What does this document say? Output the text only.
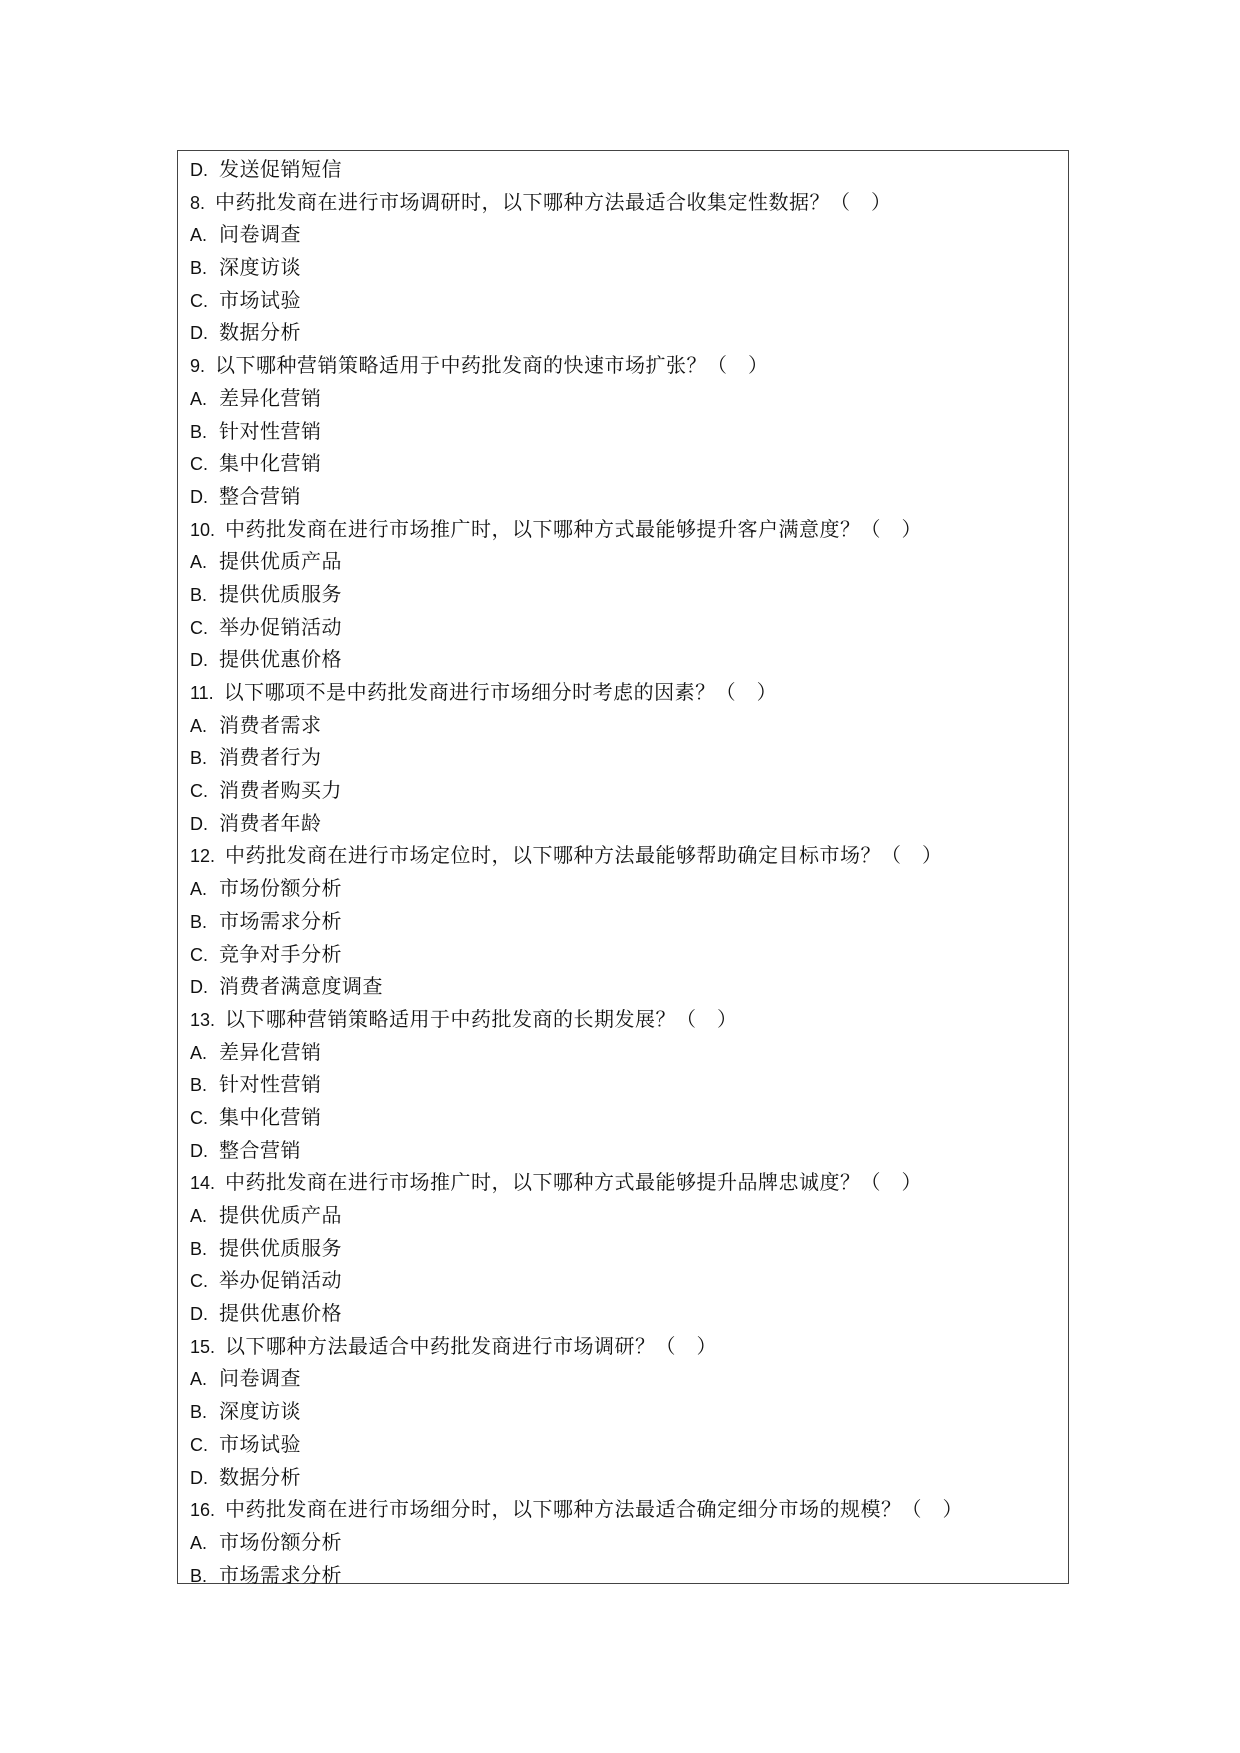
D. 发送促销短信
8. 中药批发商在进行市场调研时，以下哪种方法最适合收集定性数据？（　）
A. 问卷调查
B. 深度访谈
C. 市场试验
D. 数据分析
9. 以下哪种营销策略适用于中药批发商的快速市场扩张？（　）
A. 差异化营销
B. 针对性营销
C. 集中化营销
D. 整合营销
10. 中药批发商在进行市场推广时，以下哪种方式最能够提升客户满意度？（　）
A. 提供优质产品
B. 提供优质服务
C. 举办促销活动
D. 提供优惠价格
11. 以下哪项不是中药批发商进行市场细分时考虑的因素？（　）
A. 消费者需求
B. 消费者行为
C. 消费者购买力
D. 消费者年龄
12. 中药批发商在进行市场定位时，以下哪种方法最能够帮助确定目标市场？（　）
A. 市场份额分析
B. 市场需求分析
C. 竞争对手分析
D. 消费者满意度调查
13. 以下哪种营销策略适用于中药批发商的长期发展？（　）
A. 差异化营销
B. 针对性营销
C. 集中化营销
D. 整合营销
14. 中药批发商在进行市场推广时，以下哪种方式最能够提升品牌忠诚度？（　）
A. 提供优质产品
B. 提供优质服务
C. 举办促销活动
D. 提供优惠价格
15. 以下哪种方法最适合中药批发商进行市场调研？（　）
A. 问卷调查
B. 深度访谈
C. 市场试验
D. 数据分析
16. 中药批发商在进行市场细分时，以下哪种方法最适合确定细分市场的规模？（　）
A. 市场份额分析
B. 市场需求分析
